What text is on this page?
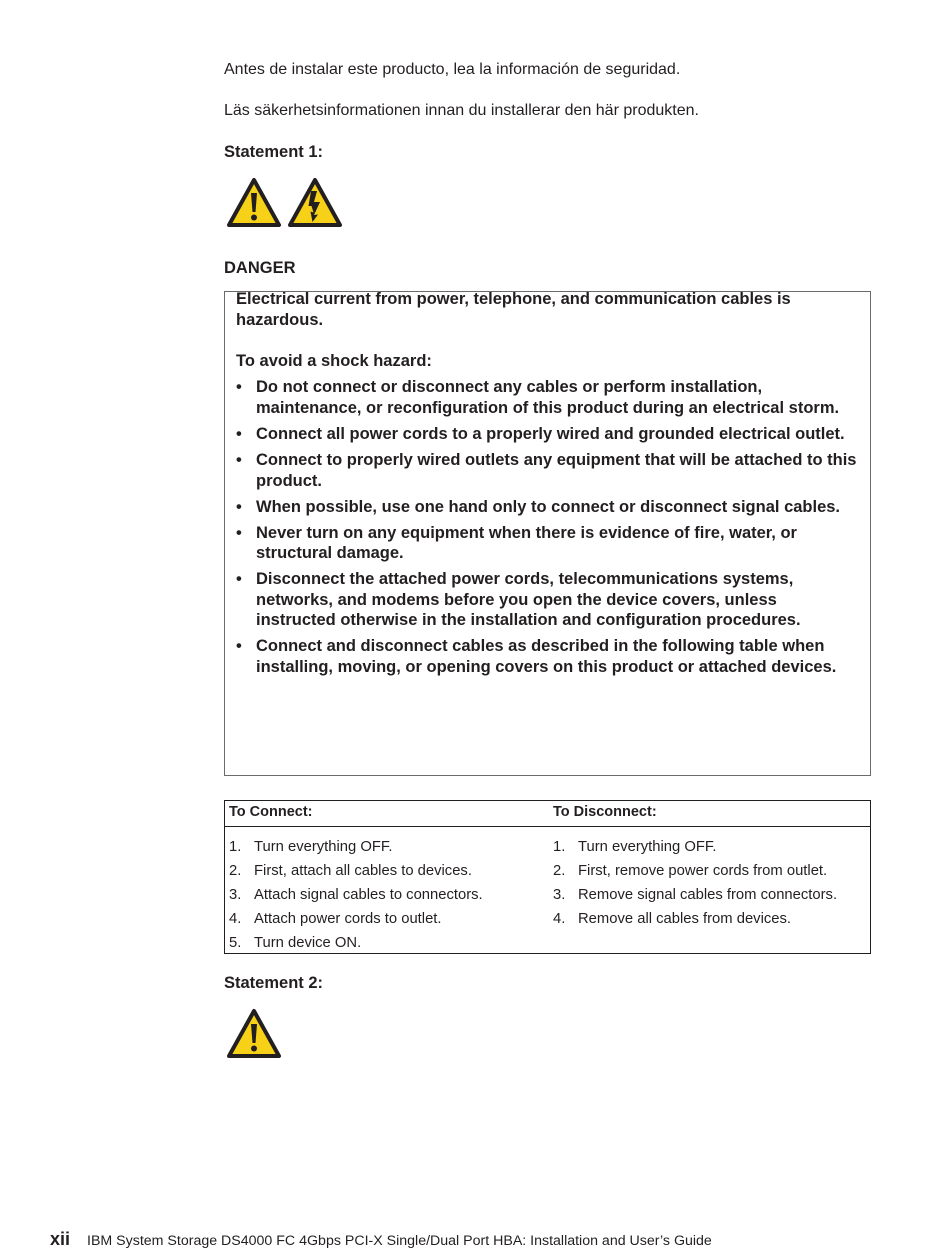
Antes de instalar este producto, lea la información de seguridad.

Läs säkerhetsinformationen innan du installerar den här produkten.

Statement 1:

DANGER

Electrical current from power, telephone, and communication cables is
hazardous.

To avoid a shock hazard:

• Do not connect or disconnect any cables or perform installation, maintenance, or reconfiguration of this product during an electrical storm.
• Connect all power cords to a properly wired and grounded electrical outlet.
• Connect to properly wired outlets any equipment that will be attached to this product.
• When possible, use one hand only to connect or disconnect signal cables.
• Never turn on any equipment when there is evidence of fire, water, or structural damage.
• Disconnect the attached power cords, telecommunications systems, networks, and modems before you open the device covers, unless instructed otherwise in the installation and configuration procedures.
• Connect and disconnect cables as described in the following table when installing, moving, or opening covers on this product or attached devices.
To Connect:	To Disconnect:
1. Turn everything OFF.
2. First, attach all cables to devices.
3. Attach signal cables to connectors.
4. Attach power cords to outlet.
5. Turn device ON.
1. Turn everything OFF.
2. First, remove power cords from outlet.
3. Remove signal cables from connectors.
4. Remove all cables from devices.

Statement 2:

xii IBM System Storage DS4000 FC 4Gbps PCI-X Single/Dual Port HBA: Installation and User’s Guide
